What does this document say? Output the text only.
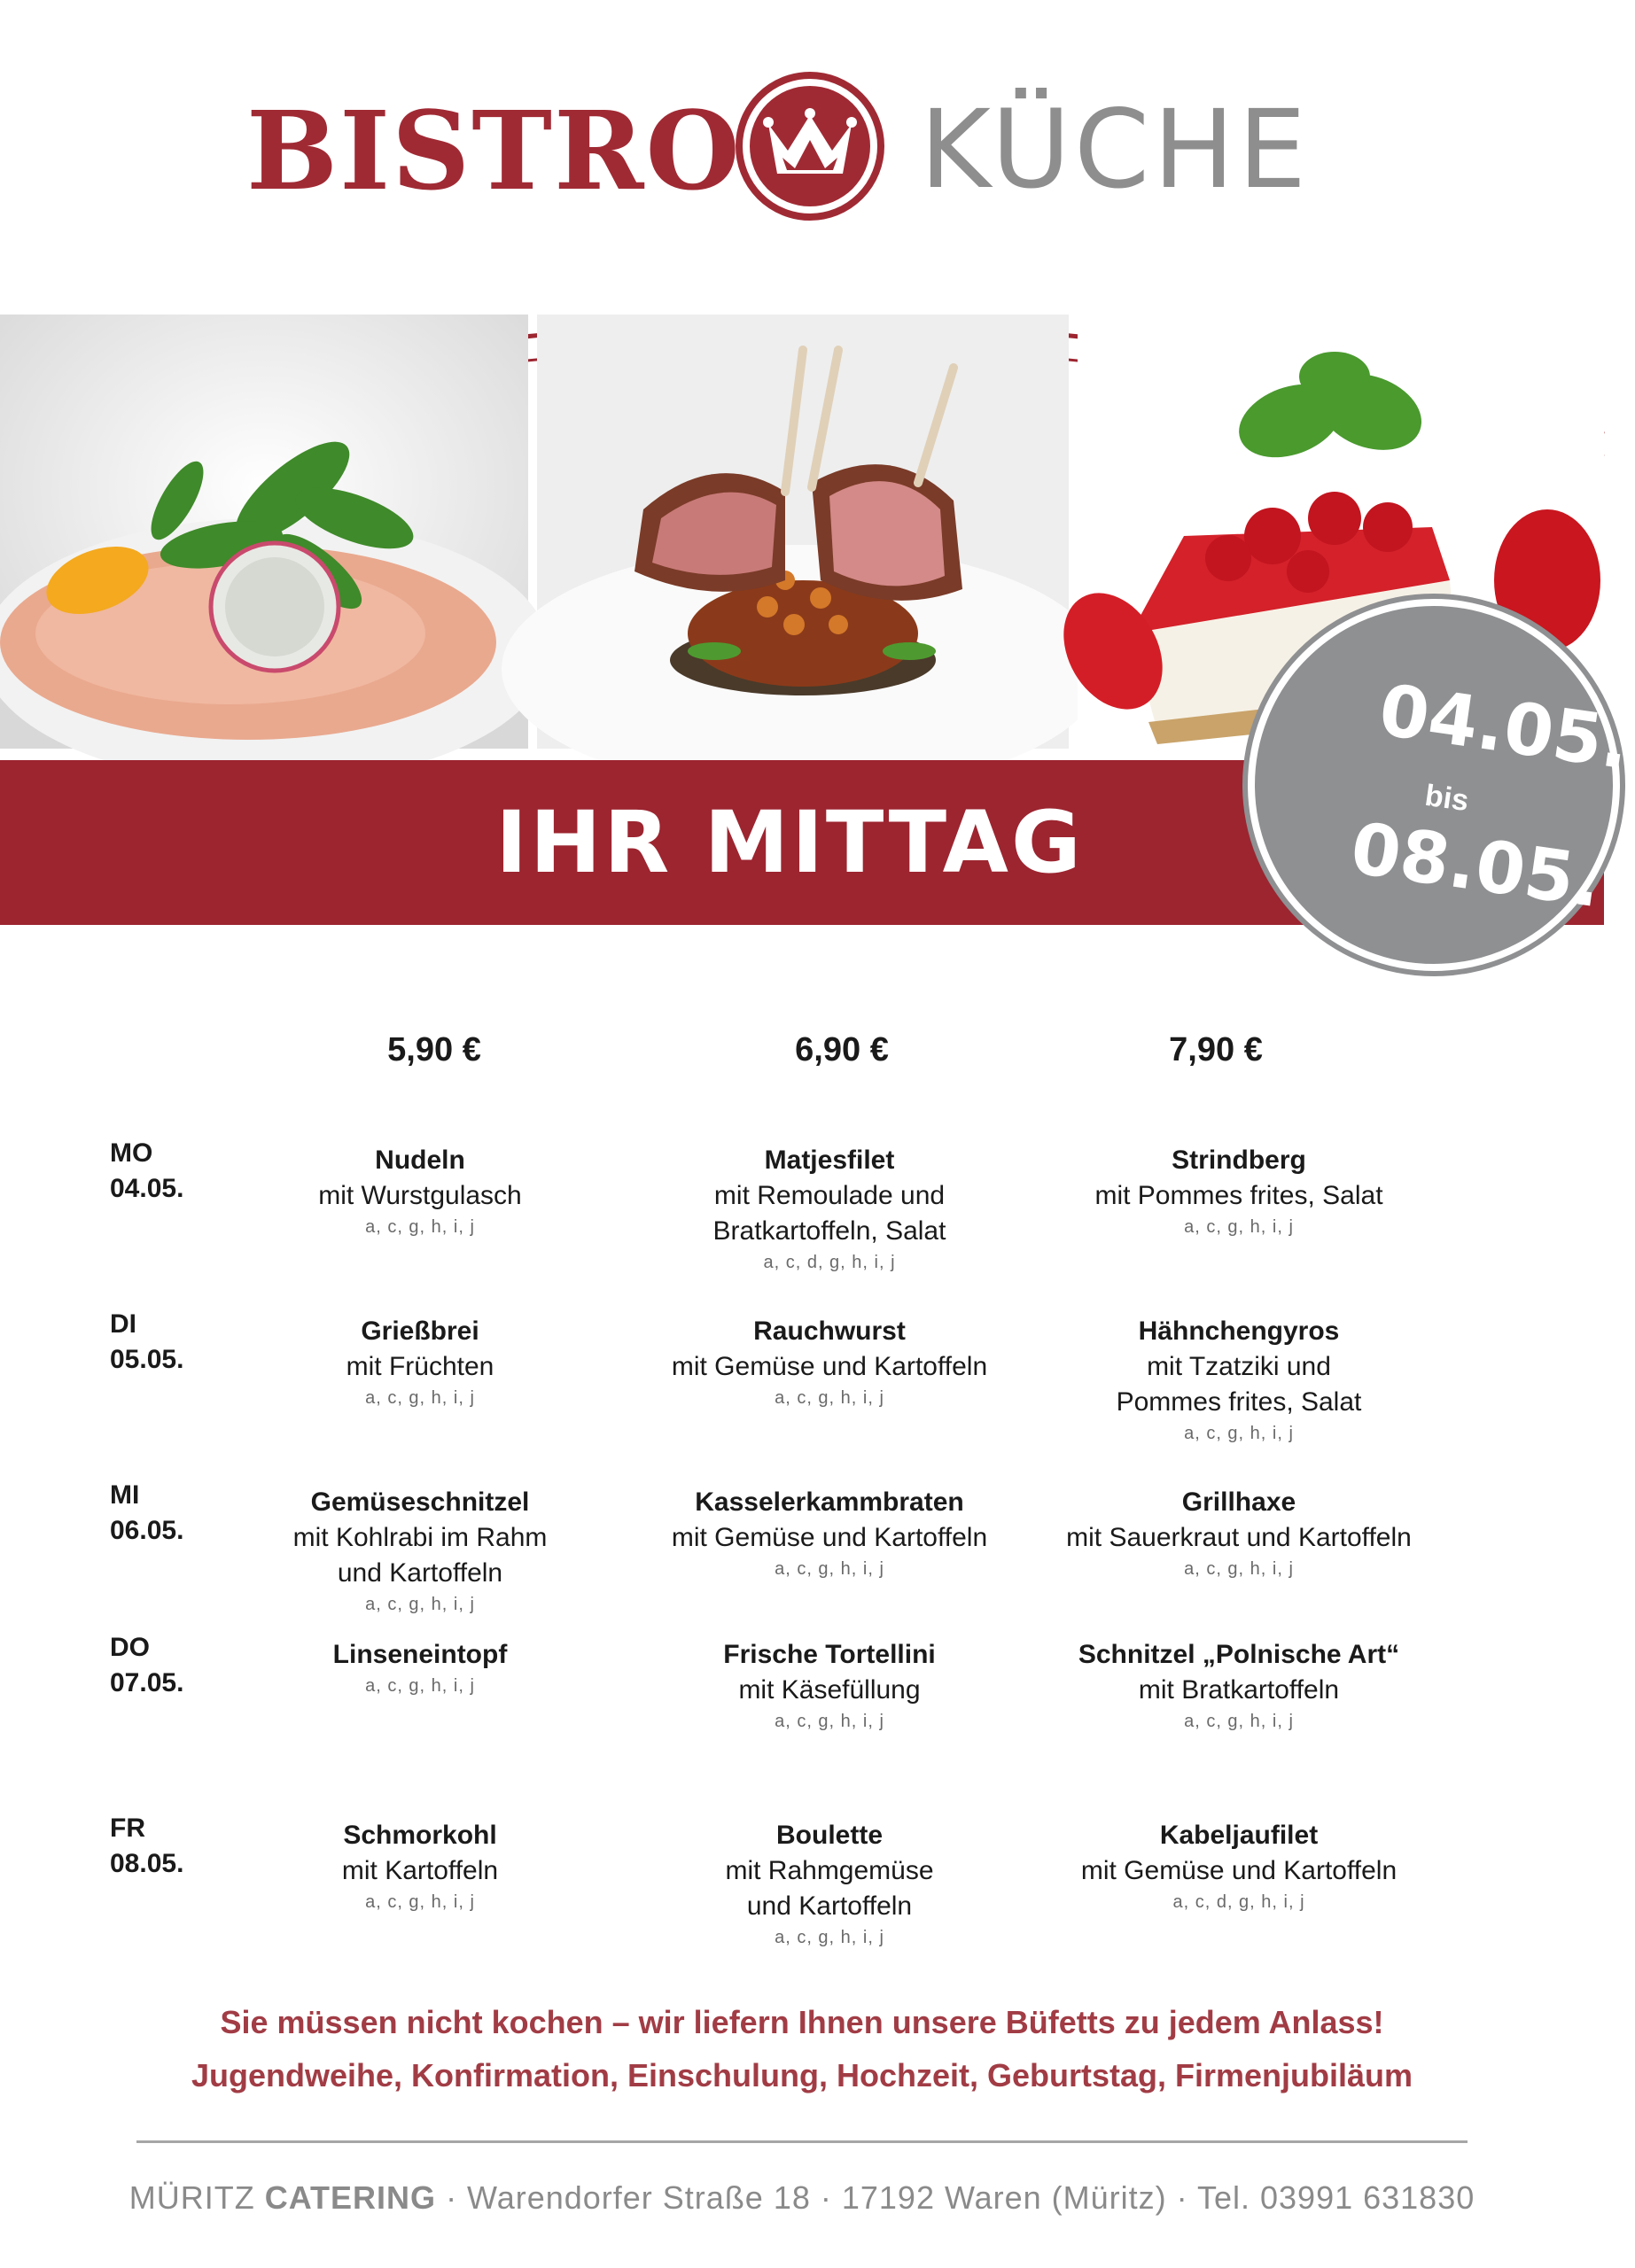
BISTRO KÜCHE
IHR MITTAG
04.05.
bis
08.05.
5,90 €	6,90 €	7,90 €
MO
04.05.
Nudeln
mit Wurstgulasch
a, c, g, h, i, j
Matjesfilet
mit Remoulade und
Bratkartoffeln, Salat
a, c, d, g, h, i, j
Strindberg
mit Pommes frites, Salat
a, c, g, h, i, j
DI
05.05.
Grießbrei
mit Früchten
a, c, g, h, i, j
Rauchwurst
mit Gemüse und Kartoffeln
a, c, g, h, i, j
Hähnchengyros
mit Tzatziki und
Pommes frites, Salat
a, c, g, h, i, j
MI
06.05.
Gemüseschnitzel
mit Kohlrabi im Rahm
und Kartoffeln
a, c, g, h, i, j
Kasselerkammbraten
mit Gemüse und Kartoffeln
a, c, g, h, i, j
Grillhaxe
mit Sauerkraut und Kartoffeln
a, c, g, h, i, j
DO
07.05.
Linseneintopf
a, c, g, h, i, j
Frische Tortellini
mit Käsefüllung
a, c, g, h, i, j
Schnitzel „Polnische Art“
mit Bratkartoffeln
a, c, g, h, i, j
FR
08.05.
Schmorkohl
mit Kartoffeln
a, c, g, h, i, j
Boulette
mit Rahmgemüse
und Kartoffeln
a, c, g, h, i, j
Kabeljaufilet
mit Gemüse und Kartoffeln
a, c, d, g, h, i, j
Sie müssen nicht kochen – wir liefern Ihnen unsere Büfetts zu jedem Anlass!
Jugendweihe, Konfirmation, Einschulung, Hochzeit, Geburtstag, Firmenjubiläum
MÜRITZ CATERING · Warendorfer Straße 18 · 17192 Waren (Müritz) · Tel. 03991 631830
